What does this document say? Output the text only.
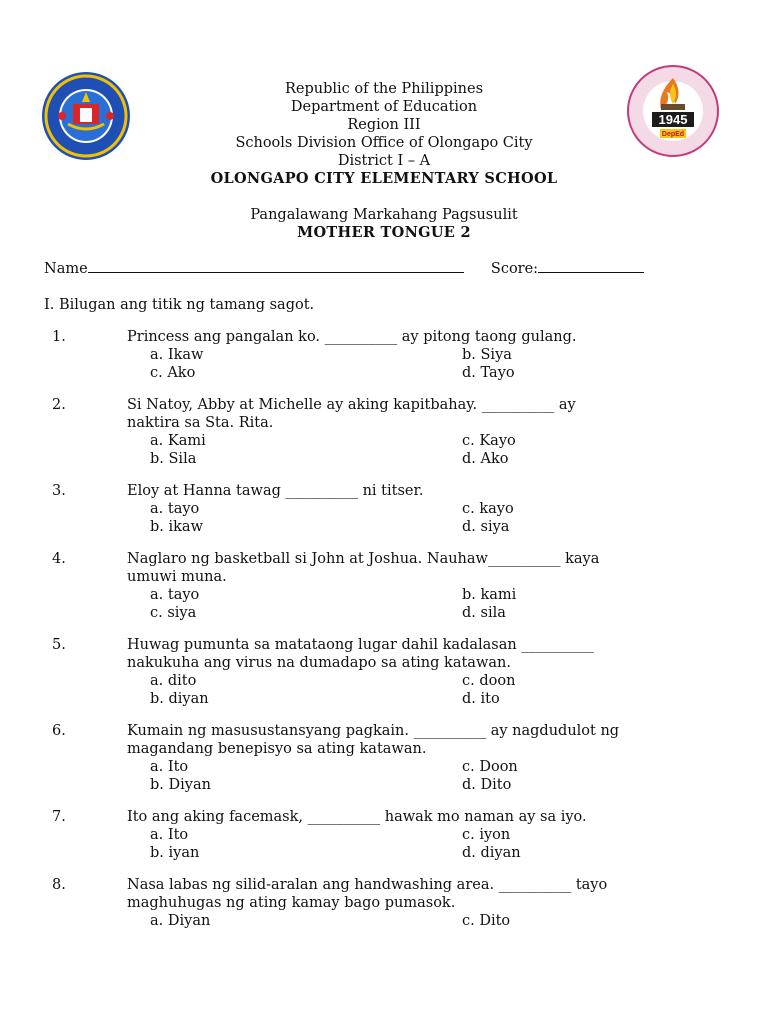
1945
DepEd
Republic of the Philippines
Department of Education
Region III
Schools Division Office of Olongapo City
District I – A
OLONGAPO CITY ELEMENTARY SCHOOL
Pangalawang Markahang Pagsusulit
MOTHER TONGUE 2
Name	Score:
I. Bilugan ang titik ng tamang sagot.
1.	Princess ang pangalan ko. __________ ay pitong taong gulang.
a. Ikaw	b. Siya
c. Ako	d. Tayo
2.	Si Natoy, Abby at Michelle ay aking kapitbahay. __________ ay
naktira sa Sta. Rita.
a. Kami	c. Kayo
b. Sila	d. Ako
3.	Eloy at Hanna tawag __________ ni titser.
a. tayo	c. kayo
b. ikaw	d. siya
4.	Naglaro ng basketball si John at Joshua. Nauhaw__________ kaya
umuwi muna.
a. tayo	b. kami
c. siya	d. sila
5.	Huwag pumunta sa matataong lugar dahil kadalasan __________
nakukuha ang virus na dumadapo sa ating katawan.
a. dito	c. doon
b. diyan	d. ito
6.	Kumain ng masusustansyang pagkain. __________ ay nagdudulot ng
magandang benepisyo sa ating katawan.
a. Ito	c. Doon
b. Diyan	d. Dito
7.	Ito ang aking facemask, __________ hawak mo naman ay sa iyo.
a. Ito	c. iyon
b. iyan	d. diyan
8.	Nasa labas ng silid-aralan ang handwashing area. __________ tayo
maghuhugas ng ating kamay bago pumasok.
a. Diyan	c. Dito
